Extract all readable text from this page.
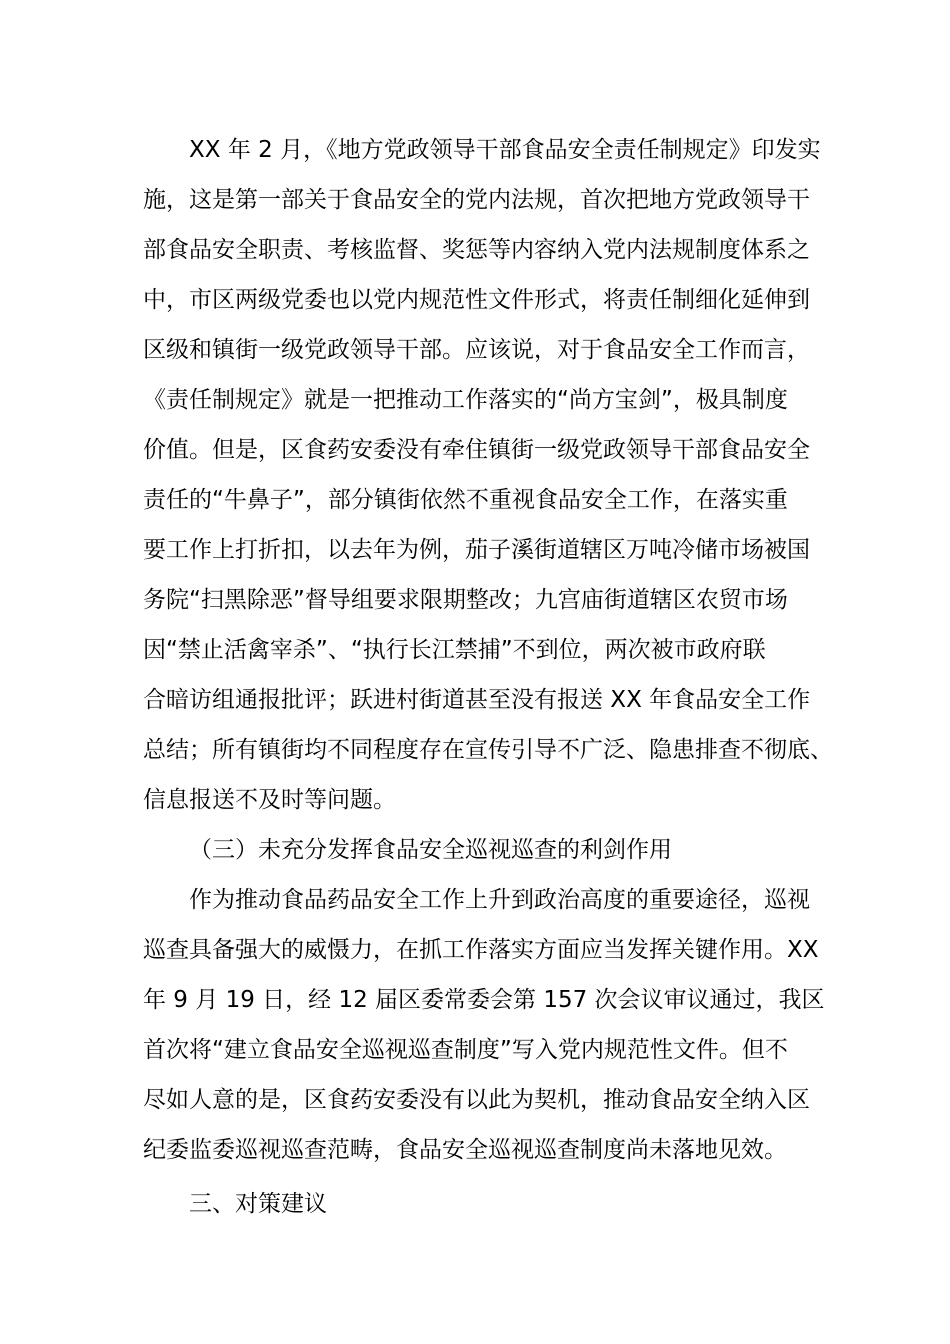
XX 年 2 月，《地方党政领导干部食品安全责任制规定》印发实
施，这是第一部关于食品安全的党内法规，首次把地方党政领导干
部食品安全职责、考核监督、奖惩等内容纳入党内法规制度体系之
中，市区两级党委也以党内规范性文件形式，将责任制细化延伸到
区级和镇街一级党政领导干部。应该说，对于食品安全工作而言，
《责任制规定》就是一把推动工作落实的“尚方宝剑”，极具制度
价值。但是，区食药安委没有牵住镇街一级党政领导干部食品安全
责任的“牛鼻子”，部分镇街依然不重视食品安全工作，在落实重
要工作上打折扣，以去年为例，茄子溪街道辖区万吨冷储市场被国
务院“扫黑除恶”督导组要求限期整改；九宫庙街道辖区农贸市场
因“禁止活禽宰杀”、“执行长江禁捕”不到位，两次被市政府联
合暗访组通报批评；跃进村街道甚至没有报送 XX 年食品安全工作
总结；所有镇街均不同程度存在宣传引导不广泛、隐患排查不彻底、
信息报送不及时等问题。
（三）未充分发挥食品安全巡视巡查的利剑作用
作为推动食品药品安全工作上升到政治高度的重要途径，巡视
巡查具备强大的威慑力，在抓工作落实方面应当发挥关键作用。XX
年 9 月 19 日，经 12 届区委常委会第 157 次会议审议通过，我区
首次将“建立食品安全巡视巡查制度”写入党内规范性文件。但不
尽如人意的是，区食药安委没有以此为契机，推动食品安全纳入区
纪委监委巡视巡查范畴，食品安全巡视巡查制度尚未落地见效。
三、对策建议
